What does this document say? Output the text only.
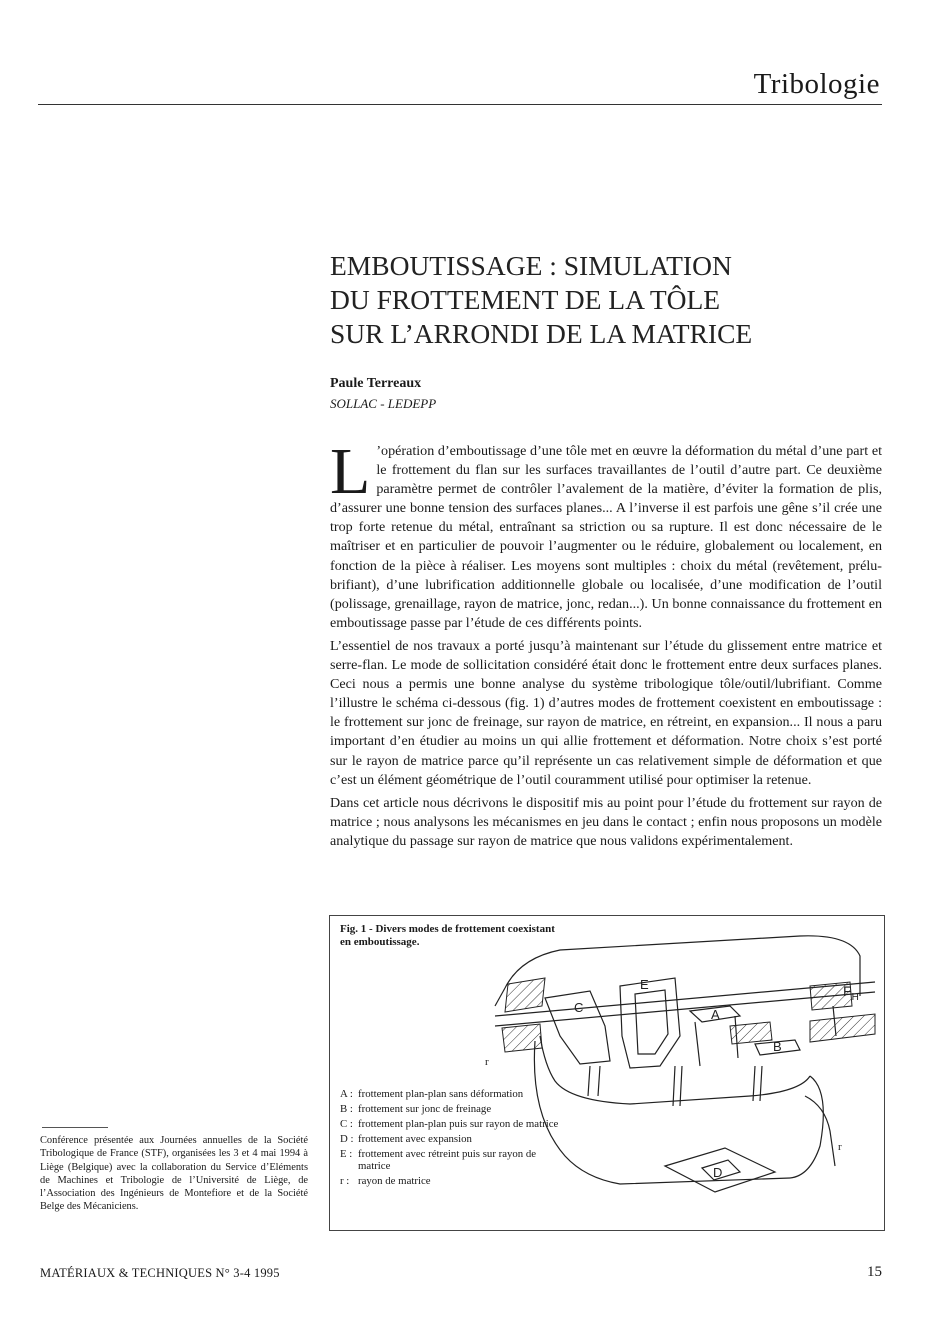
Tribologie
EMBOUTISSAGE : SIMULATION
DU FROTTEMENT DE LA TÔLE
SUR L’ARRONDI DE LA MATRICE
Paule Terreaux
SOLLAC - LEDEPP

L ’opération d’emboutissage d’une tôle met en œuvre la déformation du métal d’une part et le frottement du flan sur les surfaces travaillantes de l’outil d’autre part. Ce deuxième paramètre permet de contrôler l’avalement de la matière, d’éviter la formation de plis, d’assurer une bonne tension des surfaces planes... A l’inverse il est parfois une gêne s’il crée une trop forte retenue du métal, entraînant sa striction ou sa rupture. Il est donc nécessaire de le maîtriser et en particulier de pouvoir l’augmenter ou le réduire, globalement ou localement, en fonction de la pièce à réaliser. Les moyens sont multiples : choix du métal (revêtement, prélubrifiant), d’une lubrification additionnelle globale ou localisée, d’une modification de l’outil (polissage, grenaillage, rayon de matrice, jonc, redan...). Un bonne connaissance du frottement en emboutissage passe par l’étude de ces différents points.

L’essentiel de nos travaux a porté jusqu’à maintenant sur l’étude du glissement entre matrice et serre-flan. Le mode de sollicitation considéré était donc le frottement entre deux surfaces planes. Ceci nous a permis une bonne analyse du système tribologique tôle/outil/lubrifiant. Comme l’illustre le schéma ci-dessous (fig. 1) d’autres modes de frottement coexistent en emboutissage : le frottement sur jonc de freinage, sur rayon de matrice, en rétreint, en expansion... Il nous a paru important d’en étudier au moins un qui allie frottement et déformation. Notre choix s’est porté sur le rayon de matrice parce qu’il représente un cas relativement simple de déformation et que c’est un élément géométrique de l’outil couramment utilisé pour optimiser la retenue.

Dans cet article nous décrivons le dispositif mis au point pour l’étude du frottement sur rayon de matrice ; nous analysons les mécanismes en jeu dans le contact ; enfin nous proposons un modèle analytique du passage sur rayon de matrice que nous validons expérimentalement.

E
C	A
B
D
$F_H$
Fig. 1 - Divers modes de frottement coexistant en emboutissage.
r
r
A : frottement plan-plan sans déformation
B : frottement sur jonc de freinage
C : frottement plan-plan puis sur rayon de matrice
D : frottement avec expansion
E : frottement avec rétreint puis sur rayon de matrice
r : rayon de matrice
Conférence présentée aux Journées annuelles de la Société Tribologique de France (STF), organisées les 3 et 4 mai 1994 à Liège (Belgique) avec la collaboration du Service d’Eléments de Machines et Tribologie de l’Université de Liège, de l’Association des Ingénieurs de Montefiore et de la Société Belge des Mécaniciens.
MATÉRIAUX & TECHNIQUES N° 3-4 1995	15
